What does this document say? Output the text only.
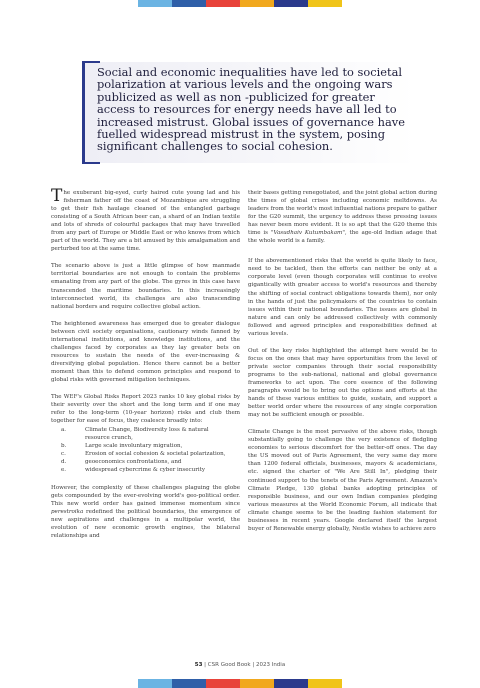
Social and economic inequalities have led to societal polarization at various levels and the ongoing wars publicized as well as non -publicized for greater access to resources for energy needs have all led to increased mistrust. Global issues of governance have fuelled widespread mistrust in the system, posing significant challenges to social cohesion.

The exuberant big-eyed, curly haired cute young lad and his fisherman father off the coast of Mozambique are struggling to get their fish haulage cleaned of the entangled garbage consisting of a South African beer can, a shard of an Indian textile and lots of shreds of colourful packages that may have travelled from any part of Europe or Middle East or who knows from which part of the world. They are a bit amused by this amalgamation and perturbed too at the same time.

The scenario above is just a little glimpse of how manmade territorial boundaries are not enough to contain the problems emanating from any part of the globe. The gyres in this case have transcended the maritime boundaries. In this increasingly interconnected world, its challenges are also transcending national borders and require collective global action.

The heightened awareness has emerged due to greater dialogue between civil society organisations, cautionary winds fanned by international institutions, and knowledge institutions, and the challenges faced by corporates as they lay greater bets on resources to sustain the needs of the ever-increasing & diversifying global population. Hence there cannot be a better moment than this to defend common principles and respond to global risks with governed mitigation techniques.

The WEF's Global Risks Report 2023 ranks 10 key global risks by their severity over the short and the long term and if one may refer to the long-term (10-year horizon) risks and club them together for ease of focus, they coalesce broadly into:

a.	Climate Change, Biodiversity loss & natural
resource crunch,
b.	Large scale involuntary migration,
c.	Erosion of social cohesion & societal polarization,
d.	geoeconomics confrontations, and
e.	widespread cybercrime & cyber insecurity

However, the complexity of these challenges plaguing the globe gets compounded by the ever-evolving world's geo-political order. This new world order has gained immense momentum since perestroika redefined the political boundaries, the emergence of new aspirations and challenges in a multipolar world, the evolution of new economic growth engines, the bilateral relationships and

their bases getting renegotiated, and the joint global action during the times of global crises including economic meltdowns. As leaders from the world's most influential nations prepare to gather for the G20 summit, the urgency to address these pressing issues has never been more evident. It is so apt that the G20 theme this time is "Vasudhaiv Kutumbakam", the age-old Indian adage that the whole world is a family.

If the abovementioned risks that the world is quite likely to face, need to be tackled, then the efforts can neither be only at a corporate level (even though corporates will continue to evolve gigantically with greater access to world's resources and thereby the shifting of social contract obligations towards them), nor only in the hands of just the policymakers of the countries to contain issues within their national boundaries. The issues are global in nature and can only be addressed collectively with commonly followed and agreed principles and responsibilities defined at various levels.

Out of the key risks highlighted the attempt here would be to focus on the ones that may have opportunities from the level of private sector companies through their social responsibility programs to the sub-national, national and global governance frameworks to act upon. The core essence of the following paragraphs would be to bring out the options and efforts at the hands of these various entities to guide, sustain, and support a better world order where the resources of any single corporation may not be sufficient enough or possible.

Climate Change is the most pervasive of the above risks, though substantially going to challenge the very existence of fledgling economies to serious discomfort for the better-off ones. The day the US moved out of Paris Agreement, the very same day more than 1200 federal officials, businesses, mayors & academicians, etc. signed the charter of "We Are Still In", pledging their continued support to the tenets of the Paris Agreement. Amazon's Climate Pledge, 130 global banks adopting principles of responsible business, and our own Indian companies pledging various measures at the World Economic Forum, all indicate that climate change seems to be the leading fashion statement for businesses in recent years. Google declared itself the largest buyer of Renewable energy globally, Nestle wishes to achieve zero

53 | CSR Good Book | 2023 India
